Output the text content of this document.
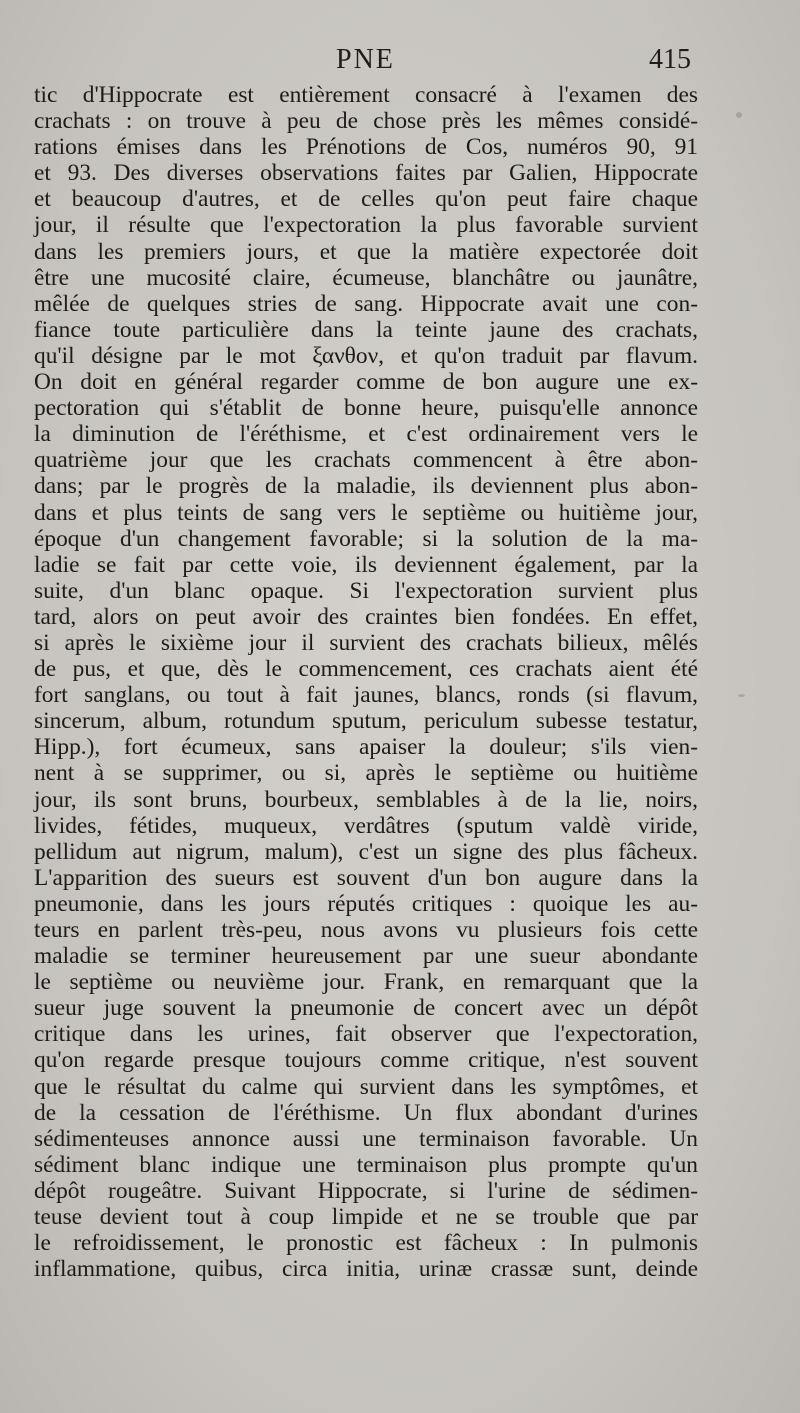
PNE	415
tic d'Hippocrate est entièrement consacré à l'examen des
crachats : on trouve à peu de chose près les mêmes considé-
rations émises dans les Prénotions de Cos, numéros 90, 91
et 93. Des diverses observations faites par Galien, Hippocrate
et beaucoup d'autres, et de celles qu'on peut faire chaque
jour, il résulte que l'expectoration la plus favorable survient
dans les premiers jours, et que la matière expectorée doit
être une mucosité claire, écumeuse, blanchâtre ou jaunâtre,
mêlée de quelques stries de sang. Hippocrate avait une con-
fiance toute particulière dans la teinte jaune des crachats,
qu'il désigne par le mot ξανθον, et qu'on traduit par flavum.
On doit en général regarder comme de bon augure une ex-
pectoration qui s'établit de bonne heure, puisqu'elle annonce
la diminution de l'éréthisme, et c'est ordinairement vers le
quatrième jour que les crachats commencent à être abon-
dans; par le progrès de la maladie, ils deviennent plus abon-
dans et plus teints de sang vers le septième ou huitième jour,
époque d'un changement favorable; si la solution de la ma-
ladie se fait par cette voie, ils deviennent également, par la
suite, d'un blanc opaque. Si l'expectoration survient plus
tard, alors on peut avoir des craintes bien fondées. En effet,
si après le sixième jour il survient des crachats bilieux, mêlés
de pus, et que, dès le commencement, ces crachats aient été
fort sanglans, ou tout à fait jaunes, blancs, ronds (si flavum,
sincerum, album, rotundum sputum, periculum subesse testatur,
Hipp.), fort écumeux, sans apaiser la douleur; s'ils vien-
nent à se supprimer, ou si, après le septième ou huitième
jour, ils sont bruns, bourbeux, semblables à de la lie, noirs,
livides, fétides, muqueux, verdâtres (sputum valdè viride,
pellidum aut nigrum, malum), c'est un signe des plus fâcheux.
L'apparition des sueurs est souvent d'un bon augure dans la
pneumonie, dans les jours réputés critiques : quoique les au-
teurs en parlent très-peu, nous avons vu plusieurs fois cette
maladie se terminer heureusement par une sueur abondante
le septième ou neuvième jour. Frank, en remarquant que la
sueur juge souvent la pneumonie de concert avec un dépôt
critique dans les urines, fait observer que l'expectoration,
qu'on regarde presque toujours comme critique, n'est souvent
que le résultat du calme qui survient dans les symptômes, et
de la cessation de l'éréthisme. Un flux abondant d'urines
sédimenteuses annonce aussi une terminaison favorable. Un
sédiment blanc indique une terminaison plus prompte qu'un
dépôt rougeâtre. Suivant Hippocrate, si l'urine de sédimen-
teuse devient tout à coup limpide et ne se trouble que par
le refroidissement, le pronostic est fâcheux : In pulmonis
inflammatione, quibus, circa initia, urinæ crassæ sunt, deinde
